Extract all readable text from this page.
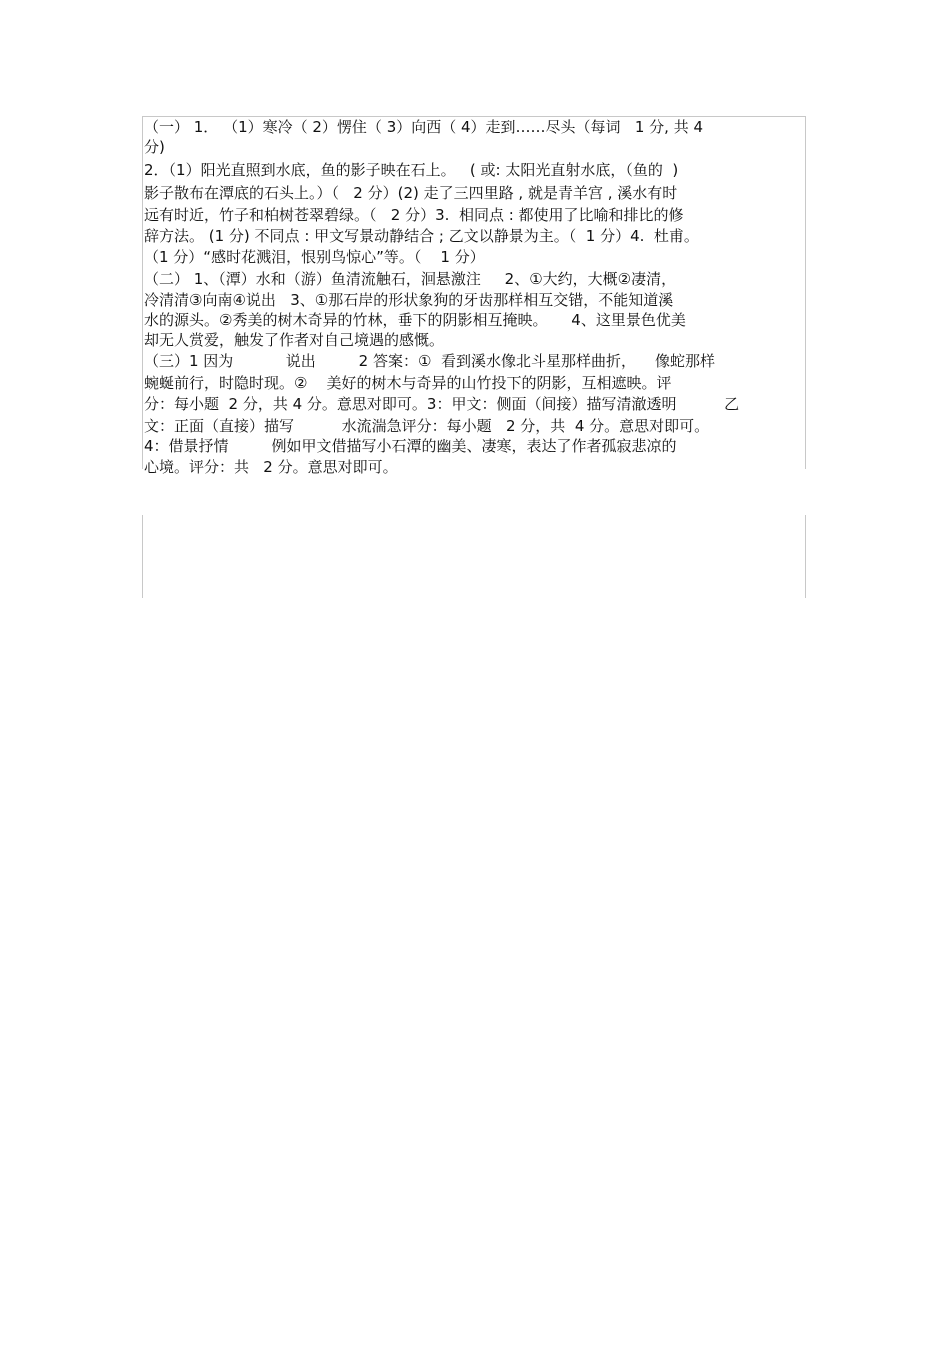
（一） 1． （1）寒冷（ 2）愣住（ 3）向西（ 4）走到……尽头（每词   1 分, 共 4
分)
2．（1）阳光直照到水底，鱼的影子映在石上。   ( 或: 太阳光直射水底，（鱼的  )
影子散布在潭底的石头上。）（   2 分）(2) 走了三四里路 , 就是青羊宫 , 溪水有时
远有时近，竹子和柏树苍翠碧绿。（   2 分）3.  相同点 : 都使用了比喻和排比的修
辞方法。 (1 分) 不同点 : 甲文写景动静结合 ; 乙文以静景为主。（  1 分）4.  杜甫。
（1 分）“感时花溅泪，恨别鸟惊心”等。（    1 分）
（二） 1、（潭）水和（游）鱼清流触石，洄悬激注     2、①大约，大概②凄清，
冷清清③向南④说出   3、①那石岸的形状象狗的牙齿那样相互交错，不能知道溪
水的源头。②秀美的树木奇异的竹林，垂下的阴影相互掩映。     4、这里景色优美
却无人赏爱，触发了作者对自己境遇的感慨。
（三）1 因为           说出         2 答案：①  看到溪水像北斗星那样曲折，    像蛇那样
蜿蜒前行，时隐时现。②    美好的树木与奇异的山竹投下的阴影，互相遮映。评
分：每小题  2 分，共 4 分。意思对即可。3：甲文：侧面（间接）描写清澈透明          乙
文：正面（直接）描写          水流湍急评分：每小题   2 分，共  4 分。意思对即可。
4：借景抒情         例如甲文借描写小石潭的幽美、凄寒，表达了作者孤寂悲凉的
心境。评分：共   2 分。意思对即可。
